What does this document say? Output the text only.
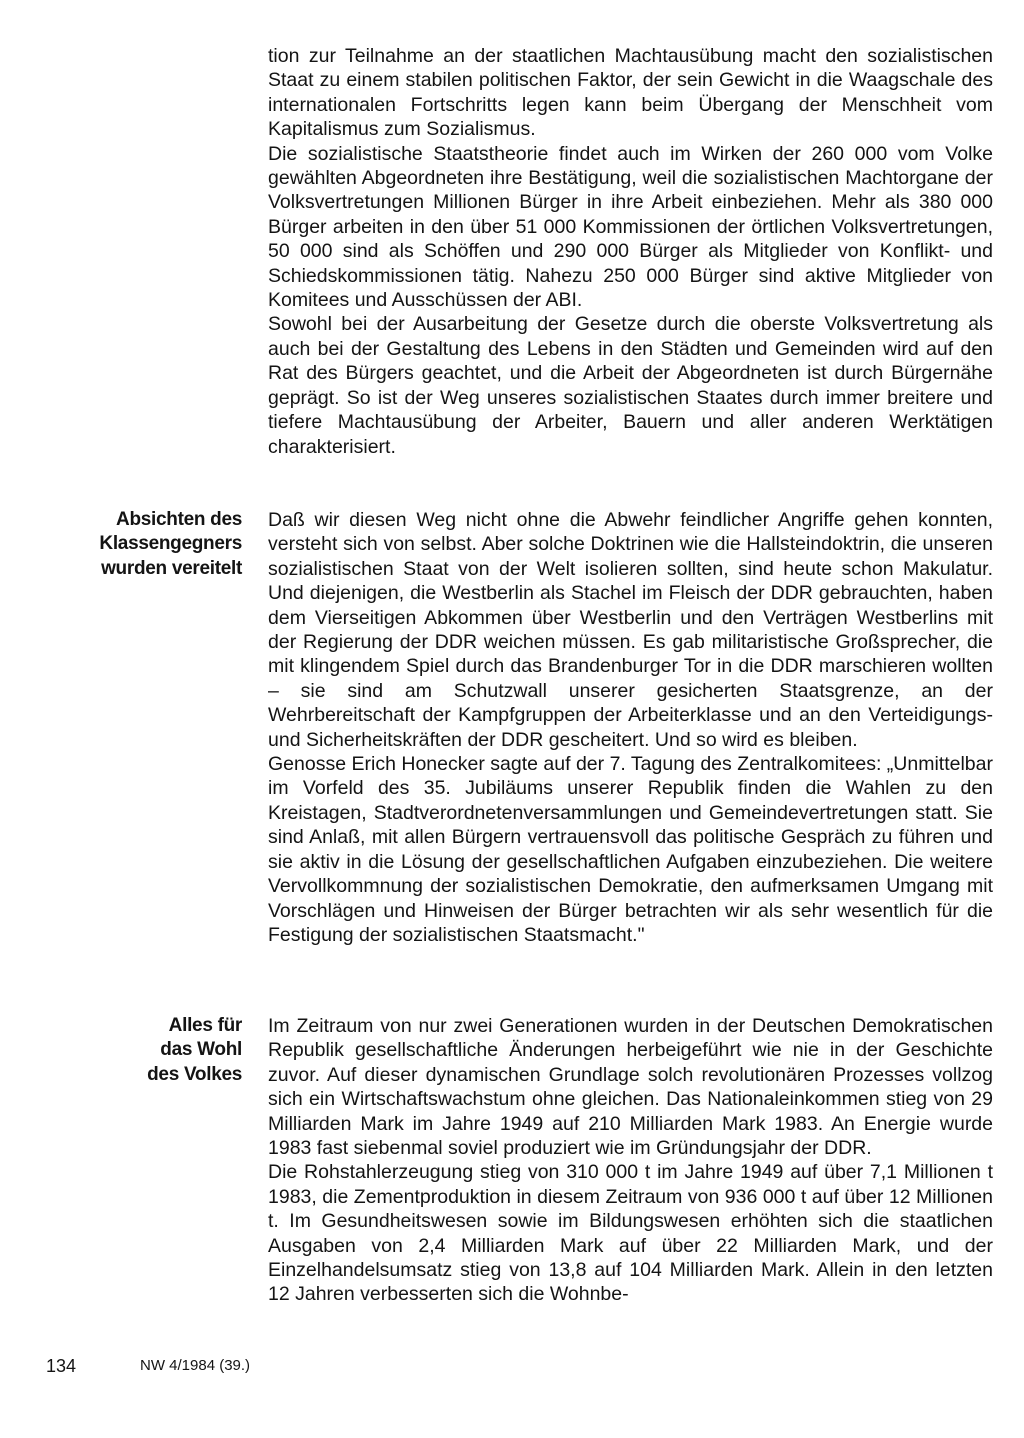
tion zur Teilnahme an der staatlichen Machtausübung macht den sozialistischen Staat zu einem stabilen politischen Faktor, der sein Gewicht in die Waagschale des internationalen Fortschritts legen kann beim Übergang der Menschheit vom Kapitalismus zum Sozialismus.

Die sozialistische Staatstheorie findet auch im Wirken der 260 000 vom Volke gewählten Abgeordneten ihre Bestätigung, weil die sozialistischen Machtorgane der Volksvertretungen Millionen Bürger in ihre Arbeit einbeziehen. Mehr als 380 000 Bürger arbeiten in den über 51 000 Kommissionen der örtlichen Volksvertretungen, 50 000 sind als Schöffen und 290 000 Bürger als Mitglieder von Konflikt- und Schiedskommissionen tätig. Nahezu 250 000 Bürger sind aktive Mitglieder von Komitees und Ausschüssen der ABI.

Sowohl bei der Ausarbeitung der Gesetze durch die oberste Volksvertretung als auch bei der Gestaltung des Lebens in den Städten und Gemeinden wird auf den Rat des Bürgers geachtet, und die Arbeit der Abgeordneten ist durch Bürgernähe geprägt. So ist der Weg unseres sozialistischen Staates durch immer breitere und tiefere Machtausübung der Arbeiter, Bauern und aller anderen Werktätigen charakterisiert.

Absichten des
Klassengegners
wurden vereitelt

Daß wir diesen Weg nicht ohne die Abwehr feindlicher Angriffe gehen konnten, versteht sich von selbst. Aber solche Doktrinen wie die Hallsteindoktrin, die unseren sozialistischen Staat von der Welt isolieren sollten, sind heute schon Makulatur. Und diejenigen, die Westberlin als Stachel im Fleisch der DDR gebrauchten, haben dem Vierseitigen Abkommen über Westberlin und den Verträgen Westberlins mit der Regierung der DDR weichen müssen. Es gab militaristische Großsprecher, die mit klingendem Spiel durch das Brandenburger Tor in die DDR marschieren wollten – sie sind am Schutzwall unserer gesicherten Staatsgrenze, an der Wehrbereitschaft der Kampfgruppen der Arbeiterklasse und an den Verteidigungs- und Sicherheitskräften der DDR gescheitert. Und so wird es bleiben.

Genosse Erich Honecker sagte auf der 7. Tagung des Zentralkomitees: „Unmittelbar im Vorfeld des 35. Jubiläums unserer Republik finden die Wahlen zu den Kreistagen, Stadtverordnetenversammlungen und Gemeindevertretungen statt. Sie sind Anlaß, mit allen Bürgern vertrauensvoll das politische Gespräch zu führen und sie aktiv in die Lösung der gesellschaftlichen Aufgaben einzubeziehen. Die weitere Vervollkommnung der sozialistischen Demokratie, den aufmerksamen Umgang mit Vorschlägen und Hinweisen der Bürger betrachten wir als sehr wesentlich für die Festigung der sozialistischen Staatsmacht."

Alles für
das Wohl
des Volkes

Im Zeitraum von nur zwei Generationen wurden in der Deutschen Demokratischen Republik gesellschaftliche Änderungen herbeigeführt wie nie in der Geschichte zuvor. Auf dieser dynamischen Grundlage solch revolutionären Prozesses vollzog sich ein Wirtschaftswachstum ohne gleichen. Das Nationaleinkommen stieg von 29 Milliarden Mark im Jahre 1949 auf 210 Milliarden Mark 1983. An Energie wurde 1983 fast siebenmal soviel produziert wie im Gründungsjahr der DDR.

Die Rohstahlerzeugung stieg von 310 000 t im Jahre 1949 auf über 7,1 Millionen t 1983, die Zementproduktion in diesem Zeitraum von 936 000 t auf über 12 Millionen t. Im Gesundheitswesen sowie im Bildungswesen erhöhten sich die staatlichen Ausgaben von 2,4 Milliarden Mark auf über 22 Milliarden Mark, und der Einzelhandelsumsatz stieg von 13,8 auf 104 Milliarden Mark. Allein in den letzten 12 Jahren verbesserten sich die Wohnbe-

134	NW 4/1984 (39.)
